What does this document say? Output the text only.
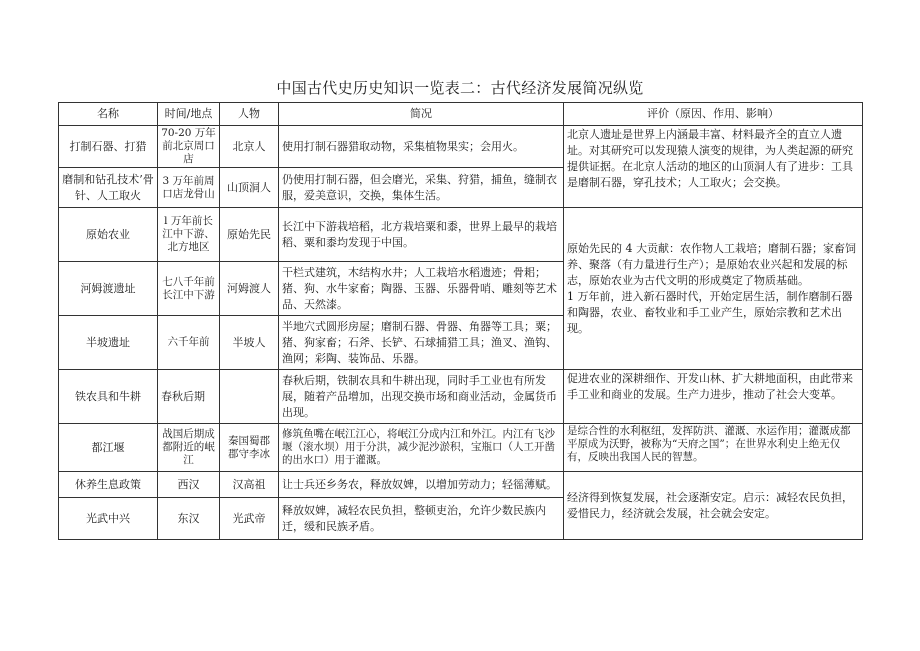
中国古代史历史知识一览表二：古代经济发展简况纵览
名称	时间/地点	人物	简况	评价（原因、作用、影响）
打制石器、打猎	70-20 万年前北京周口店	北京人	使用打制石器猎取动物，采集植物果实；会用火。	北京人遗址是世界上内涵最丰富、材料最齐全的直立人遗址。对其研究可以发现猿人演变的规律，为人类起源的研究提供证据。在北京人活动的地区的山顶洞人有了进步：工具是磨制石器，穿孔技术；人工取火；会交换。
磨制和钻孔技术’骨针、人工取火	3 万年前周口店龙骨山	山顶洞人	仍使用打制石器，但会磨光，采集、狩猎，捕鱼，缝制衣服，爱美意识，交换，集体生活。	
原始农业	l 万年前长江中下游、北方地区	原始先民	长江中下游栽培稻，北方栽培粟和黍，世界上最早的栽培稻、粟和黍均发现于中国。	原始先民的 4 大贡献：农作物人工栽培；磨制石器；家畜饲养、聚落（有力量进行生产）；是原始农业兴起和发展的标志，原始农业为古代文明的形成奠定了物质基础。
1 万年前，进入新石器时代，开始定居生活，制作磨制石器和陶器，农业、畜牧业和手工业产生，原始宗教和艺术出现。

河姆渡遗址	七八千年前长江中下游	河姆渡人	干栏式建筑，木结构水井；人工栽培水稻遗迹；骨耜；猪、狗、水牛家畜；陶器、玉器、乐器骨哨、雕刻等艺术品、天然漆。	
半坡遗址	六千年前	半坡人	半地穴式圆形房屋；磨制石器、骨器、角器等工具；粟；猪、狗家畜；石斧、长铲、石球捕猎工具；渔叉、渔钩、渔网；彩陶、装饰品、乐器。	
铁农具和牛耕	春秋后期		春秋后期，铁制农具和牛耕出现，同时手工业也有所发展，随着产品增加，出现交换市场和商业活动，金属货币出现。	促进农业的深耕细作、开发山林、扩大耕地面积，由此带来手工业和商业的发展。生产力进步，推动了社会大变革。
都江堰	战国后期成都附近的岷江	秦国蜀郡郡守李冰	修筑鱼嘴在岷江江心，将岷江分成内江和外江。内江有飞沙堰（滚水坝）用于分洪，减少泥沙淤积，宝瓶口（人工开凿的出水口）用于灌溉。	是综合性的水利枢纽，发挥防洪、灌溉、水运作用；灌溉成都平原成为沃野，被称为“天府之国”；在世界水利史上绝无仅有，反映出我国人民的智慧。
休养生息政策	西汉	汉高祖	让士兵还乡务农，释放奴婢，以增加劳动力；轻徭薄赋。	经济得到恢复发展，社会逐渐安定。启示：减轻农民负担，爱惜民力，经济就会发展，社会就会安定。
光武中兴	东汉	光武帝	释放奴婢，减轻农民负担，整顿吏治，允许少数民族内迁，缓和民族矛盾。	
